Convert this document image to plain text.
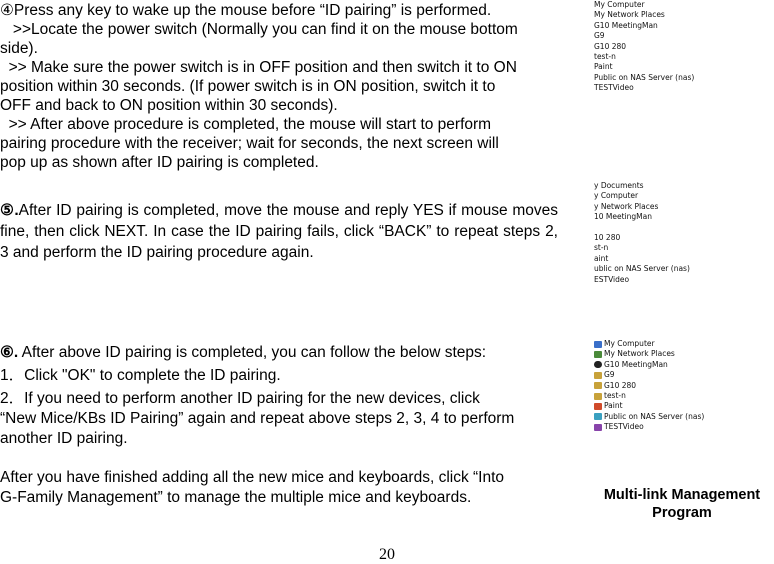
④Press any key to wake up the mouse before “ID pairing” is performed.
>>Locate the power switch (Normally you can find it on the mouse bottom
side).
>> Make sure the power switch is in OFF position and then switch it to ON
position within 30 seconds. (If power switch is in ON position, switch it to
OFF and back to ON position within 30 seconds).
>> After above procedure is completed, the mouse will start to perform
pairing procedure with the receiver; wait for seconds, the next screen will
pop up as shown after ID pairing is completed.

⑤.After ID pairing is completed, move the mouse and reply YES if mouse moves fine, then click NEXT. In case the ID pairing fails, click “BACK” to repeat steps 2, 3 and perform the ID pairing procedure again.

⑥. After above ID pairing is completed, you can follow the below steps:
1．Click "OK" to complete the ID pairing.
2．If you need to perform another ID pairing for the new devices, click
“New Mice/KBs ID Pairing” again and repeat above steps 2, 3, 4 to perform
another ID pairing.
After you have finished adding all the new mice and keyboards, click “Into
G-Family Management” to manage the multiple mice and keyboards.
My Computer
My Network Places
G10 MeetingMan
G9
G10 280
test-n
Paint
Public on NAS Server (nas)
TESTVideo
y Documents
y Computer
y Network Places
10 MeetingMan

10 280
st-n
aint
ublic on NAS Server (nas)
ESTVideo
My Computer
My Network Places
G10 MeetingMan
G9
G10 280
test-n
Paint
Public on NAS Server (nas)
TESTVideo
Multi-link Management
Program
20
